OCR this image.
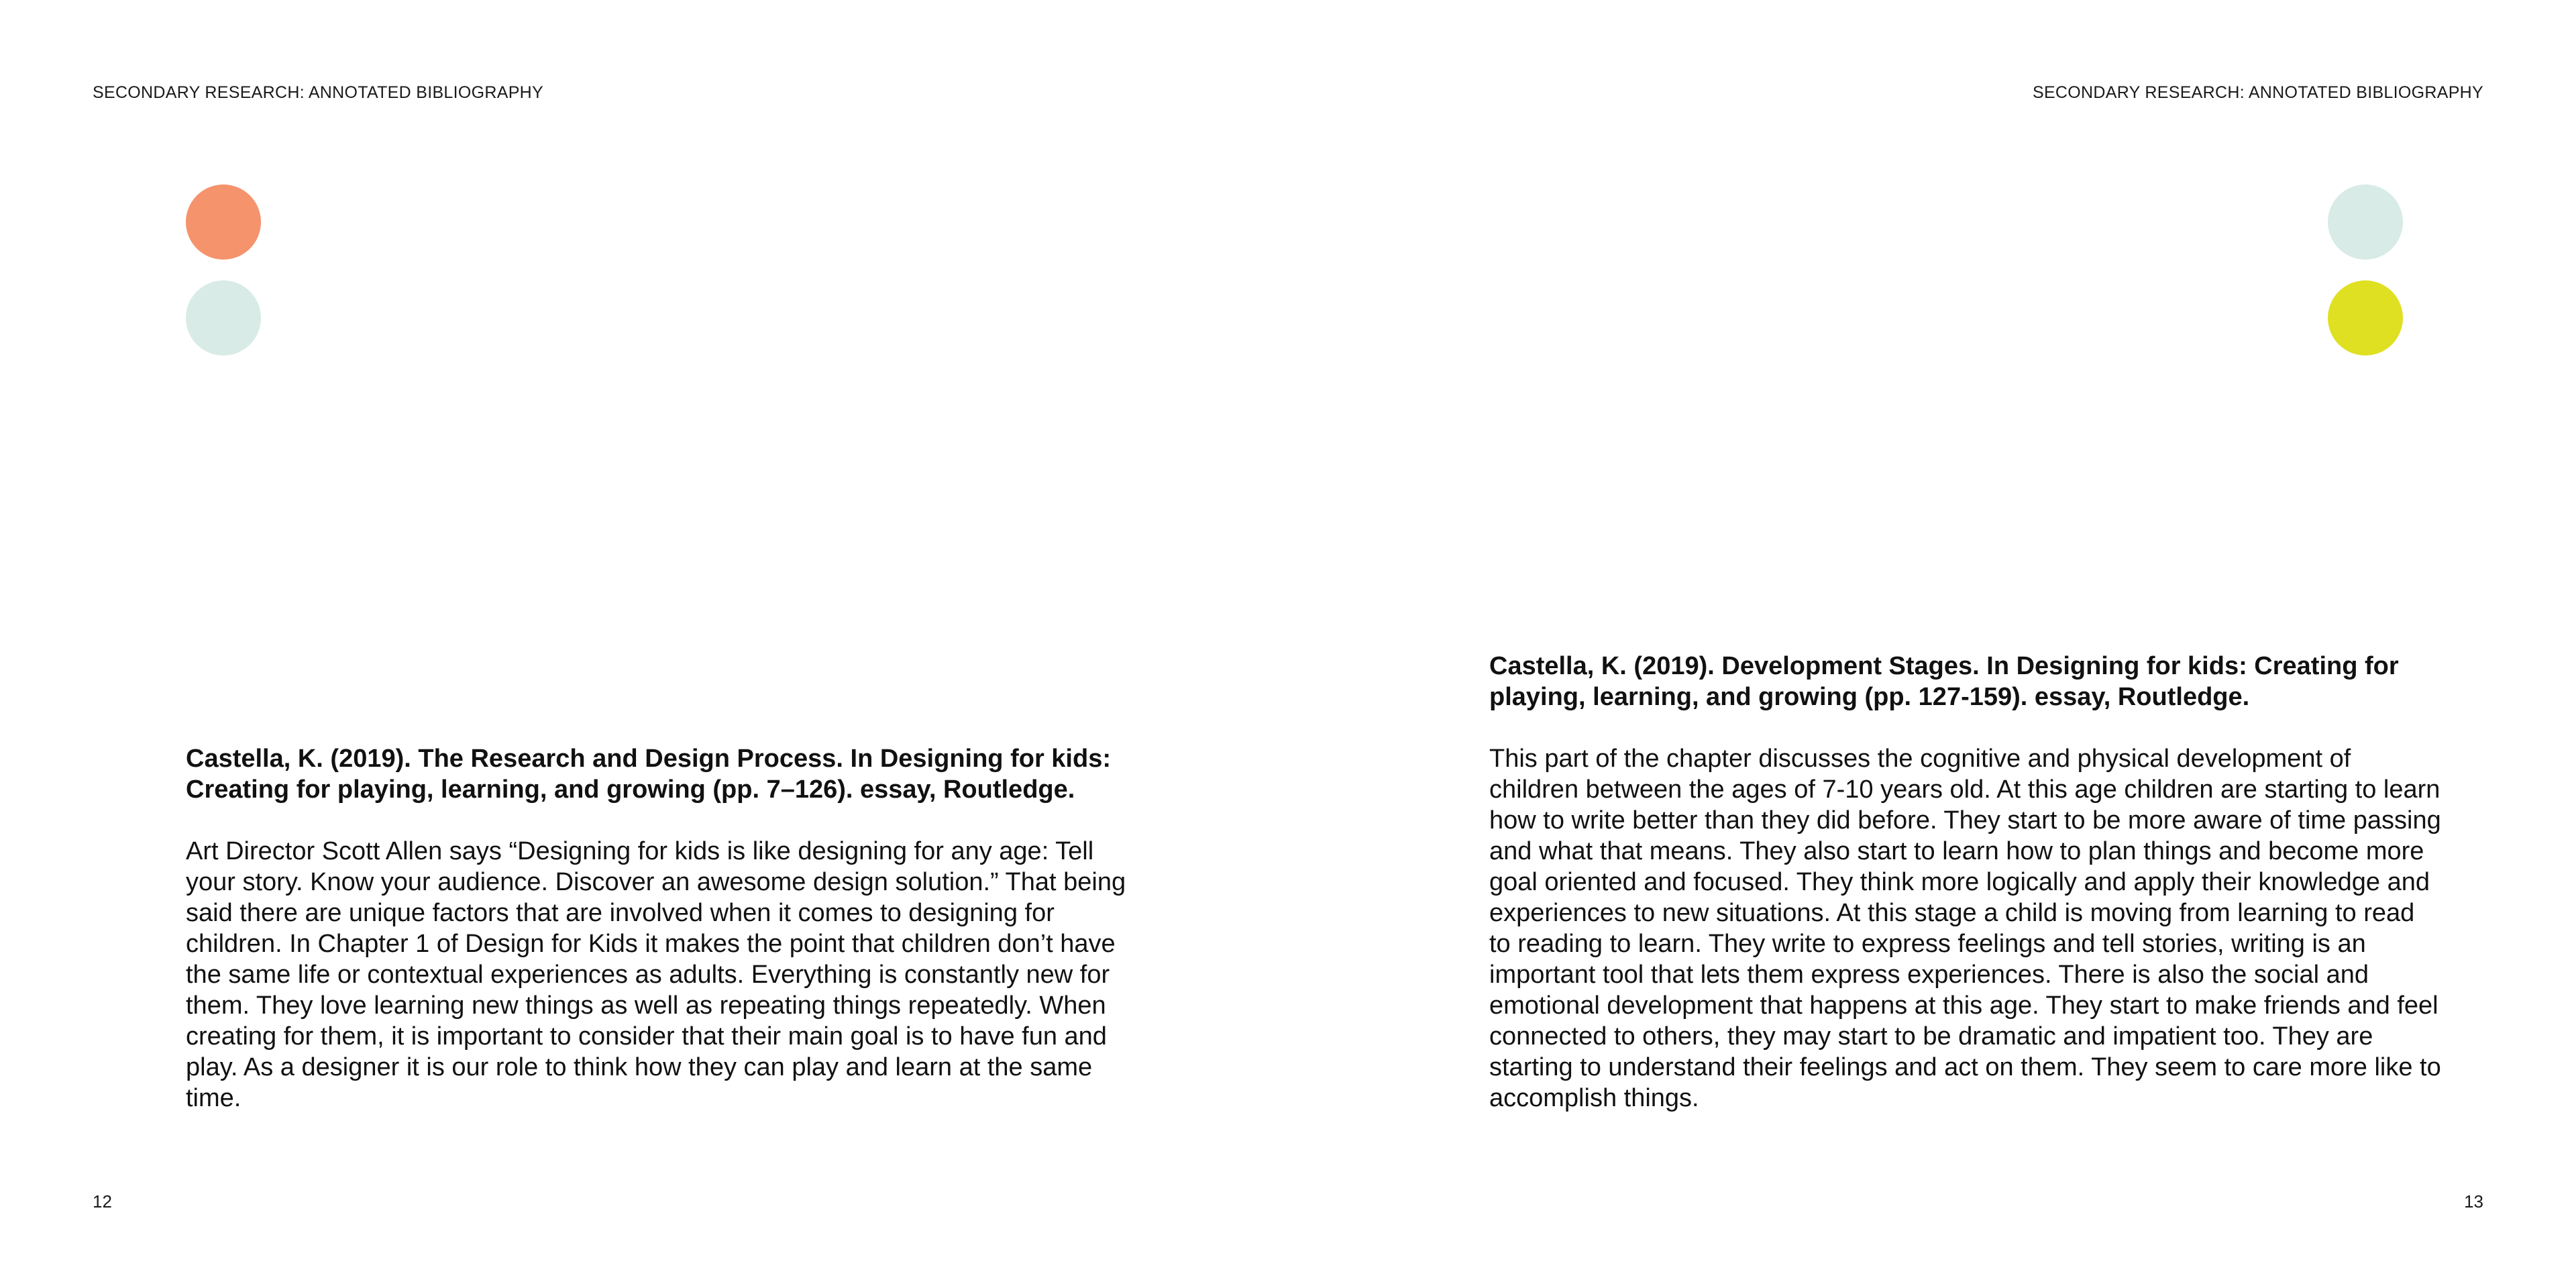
SECONDARY RESEARCH: ANNOTATED BIBLIOGRAPHY

Castella, K. (2019). The Research and Design Process. In Designing for kids: Creating for playing, learning, and growing (pp. 7–126). essay, Routledge.

Art Director Scott Allen says “Designing for kids is like designing for any age: Tell your story. Know your audience. Discover an awesome design solution.” That being said there are unique factors that are involved when it comes to designing for children. In Chapter 1 of Design for Kids it makes the point that children don’t have the same life or contextual experiences as adults. Everything is constantly new for them. They love learning new things as well as repeating things repeatedly. When creating for them, it is important to consider that their main goal is to have fun and play. As a designer it is our role to think how they can play and learn at the same time.

12
SECONDARY RESEARCH: ANNOTATED BIBLIOGRAPHY

Castella, K. (2019). Development Stages. In Designing for kids: Creating for playing, learning, and growing (pp. 127-159). essay, Routledge.

This part of the chapter discusses the cognitive and physical development of children between the ages of 7-10 years old. At this age children are starting to learn how to write better than they did before. They start to be more aware of time passing and what that means. They also start to learn how to plan things and become more goal oriented and focused. They think more logically and apply their knowledge and experiences to new situations. At this stage a child is moving from learning to read to reading to learn. They write to express feelings and tell stories, writing is an important tool that lets them express experiences. There is also the social and emotional development that happens at this age. They start to make friends and feel connected to others, they may start to be dramatic and impatient too. They are starting to understand their feelings and act on them. They seem to care more like to accomplish things.

13
